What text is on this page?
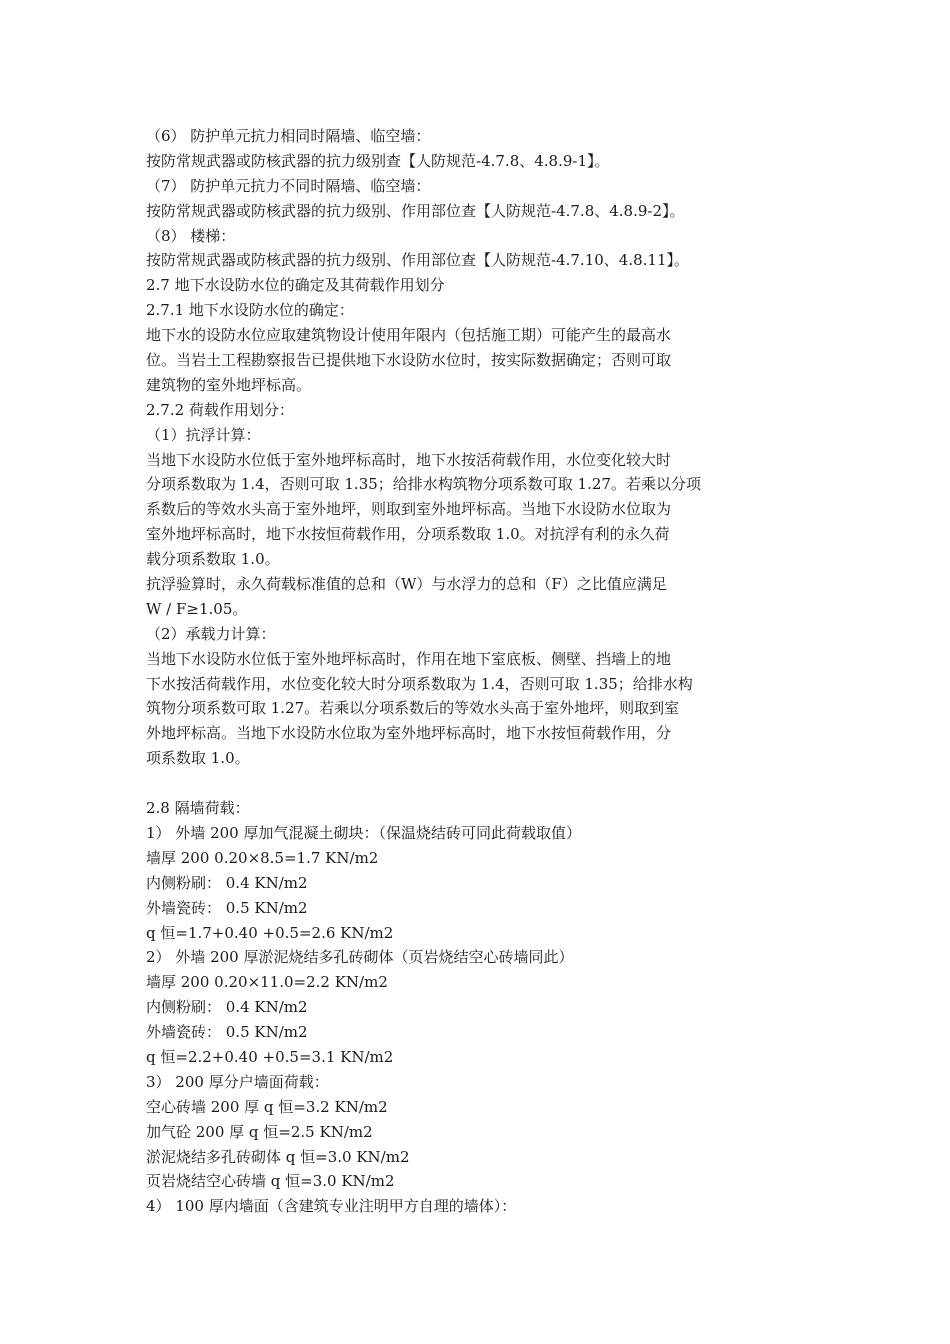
（6） 防护单元抗力相同时隔墙、临空墙：
按防常规武器或防核武器的抗力级别查【人防规范-4.7.8、4.8.9-1】。
（7） 防护单元抗力不同时隔墙、临空墙：
按防常规武器或防核武器的抗力级别、作用部位查【人防规范-4.7.8、4.8.9-2】。
（8） 楼梯：
按防常规武器或防核武器的抗力级别、作用部位查【人防规范-4.7.10、4.8.11】。
2.7 地下水设防水位的确定及其荷载作用划分
2.7.1 地下水设防水位的确定：
地下水的设防水位应取建筑物设计使用年限内（包括施工期）可能产生的最高水
位。当岩土工程勘察报告已提供地下水设防水位时，按实际数据确定；否则可取
建筑物的室外地坪标高。
2.7.2 荷载作用划分：
（1）抗浮计算：
当地下水设防水位低于室外地坪标高时，地下水按活荷载作用，水位变化较大时
分项系数取为 1.4，否则可取 1.35；给排水构筑物分项系数可取 1.27。若乘以分项
系数后的等效水头高于室外地坪，则取到室外地坪标高。当地下水设防水位取为
室外地坪标高时，地下水按恒荷载作用，分项系数取 1.0。对抗浮有利的永久荷
载分项系数取 1.0。
抗浮验算时，永久荷载标准值的总和（W）与水浮力的总和（F）之比值应满足
W / F≥1.05。
（2）承载力计算：
当地下水设防水位低于室外地坪标高时，作用在地下室底板、侧壁、挡墙上的地
下水按活荷载作用，水位变化较大时分项系数取为 1.4，否则可取 1.35；给排水构
筑物分项系数可取 1.27。若乘以分项系数后的等效水头高于室外地坪，则取到室
外地坪标高。当地下水设防水位取为室外地坪标高时，地下水按恒荷载作用，分
项系数取 1.0。
2.8 隔墙荷载：
1） 外墙 200 厚加气混凝土砌块：（保温烧结砖可同此荷载取值）
墙厚 200 0.20×8.5=1.7 KN/m2
内侧粉刷： 0.4 KN/m2
外墙瓷砖： 0.5 KN/m2
q 恒=1.7+0.40 +0.5=2.6 KN/m2
2） 外墙 200 厚淤泥烧结多孔砖砌体（页岩烧结空心砖墙同此）
墙厚 200 0.20×11.0=2.2 KN/m2
内侧粉刷： 0.4 KN/m2
外墙瓷砖： 0.5 KN/m2
q 恒=2.2+0.40 +0.5=3.1 KN/m2
3） 200 厚分户墙面荷载：
空心砖墙 200 厚 q 恒=3.2 KN/m2
加气砼 200 厚 q 恒=2.5 KN/m2
淤泥烧结多孔砖砌体 q 恒=3.0 KN/m2
页岩烧结空心砖墙 q 恒=3.0 KN/m2
4） 100 厚内墙面（含建筑专业注明甲方自理的墙体）：
